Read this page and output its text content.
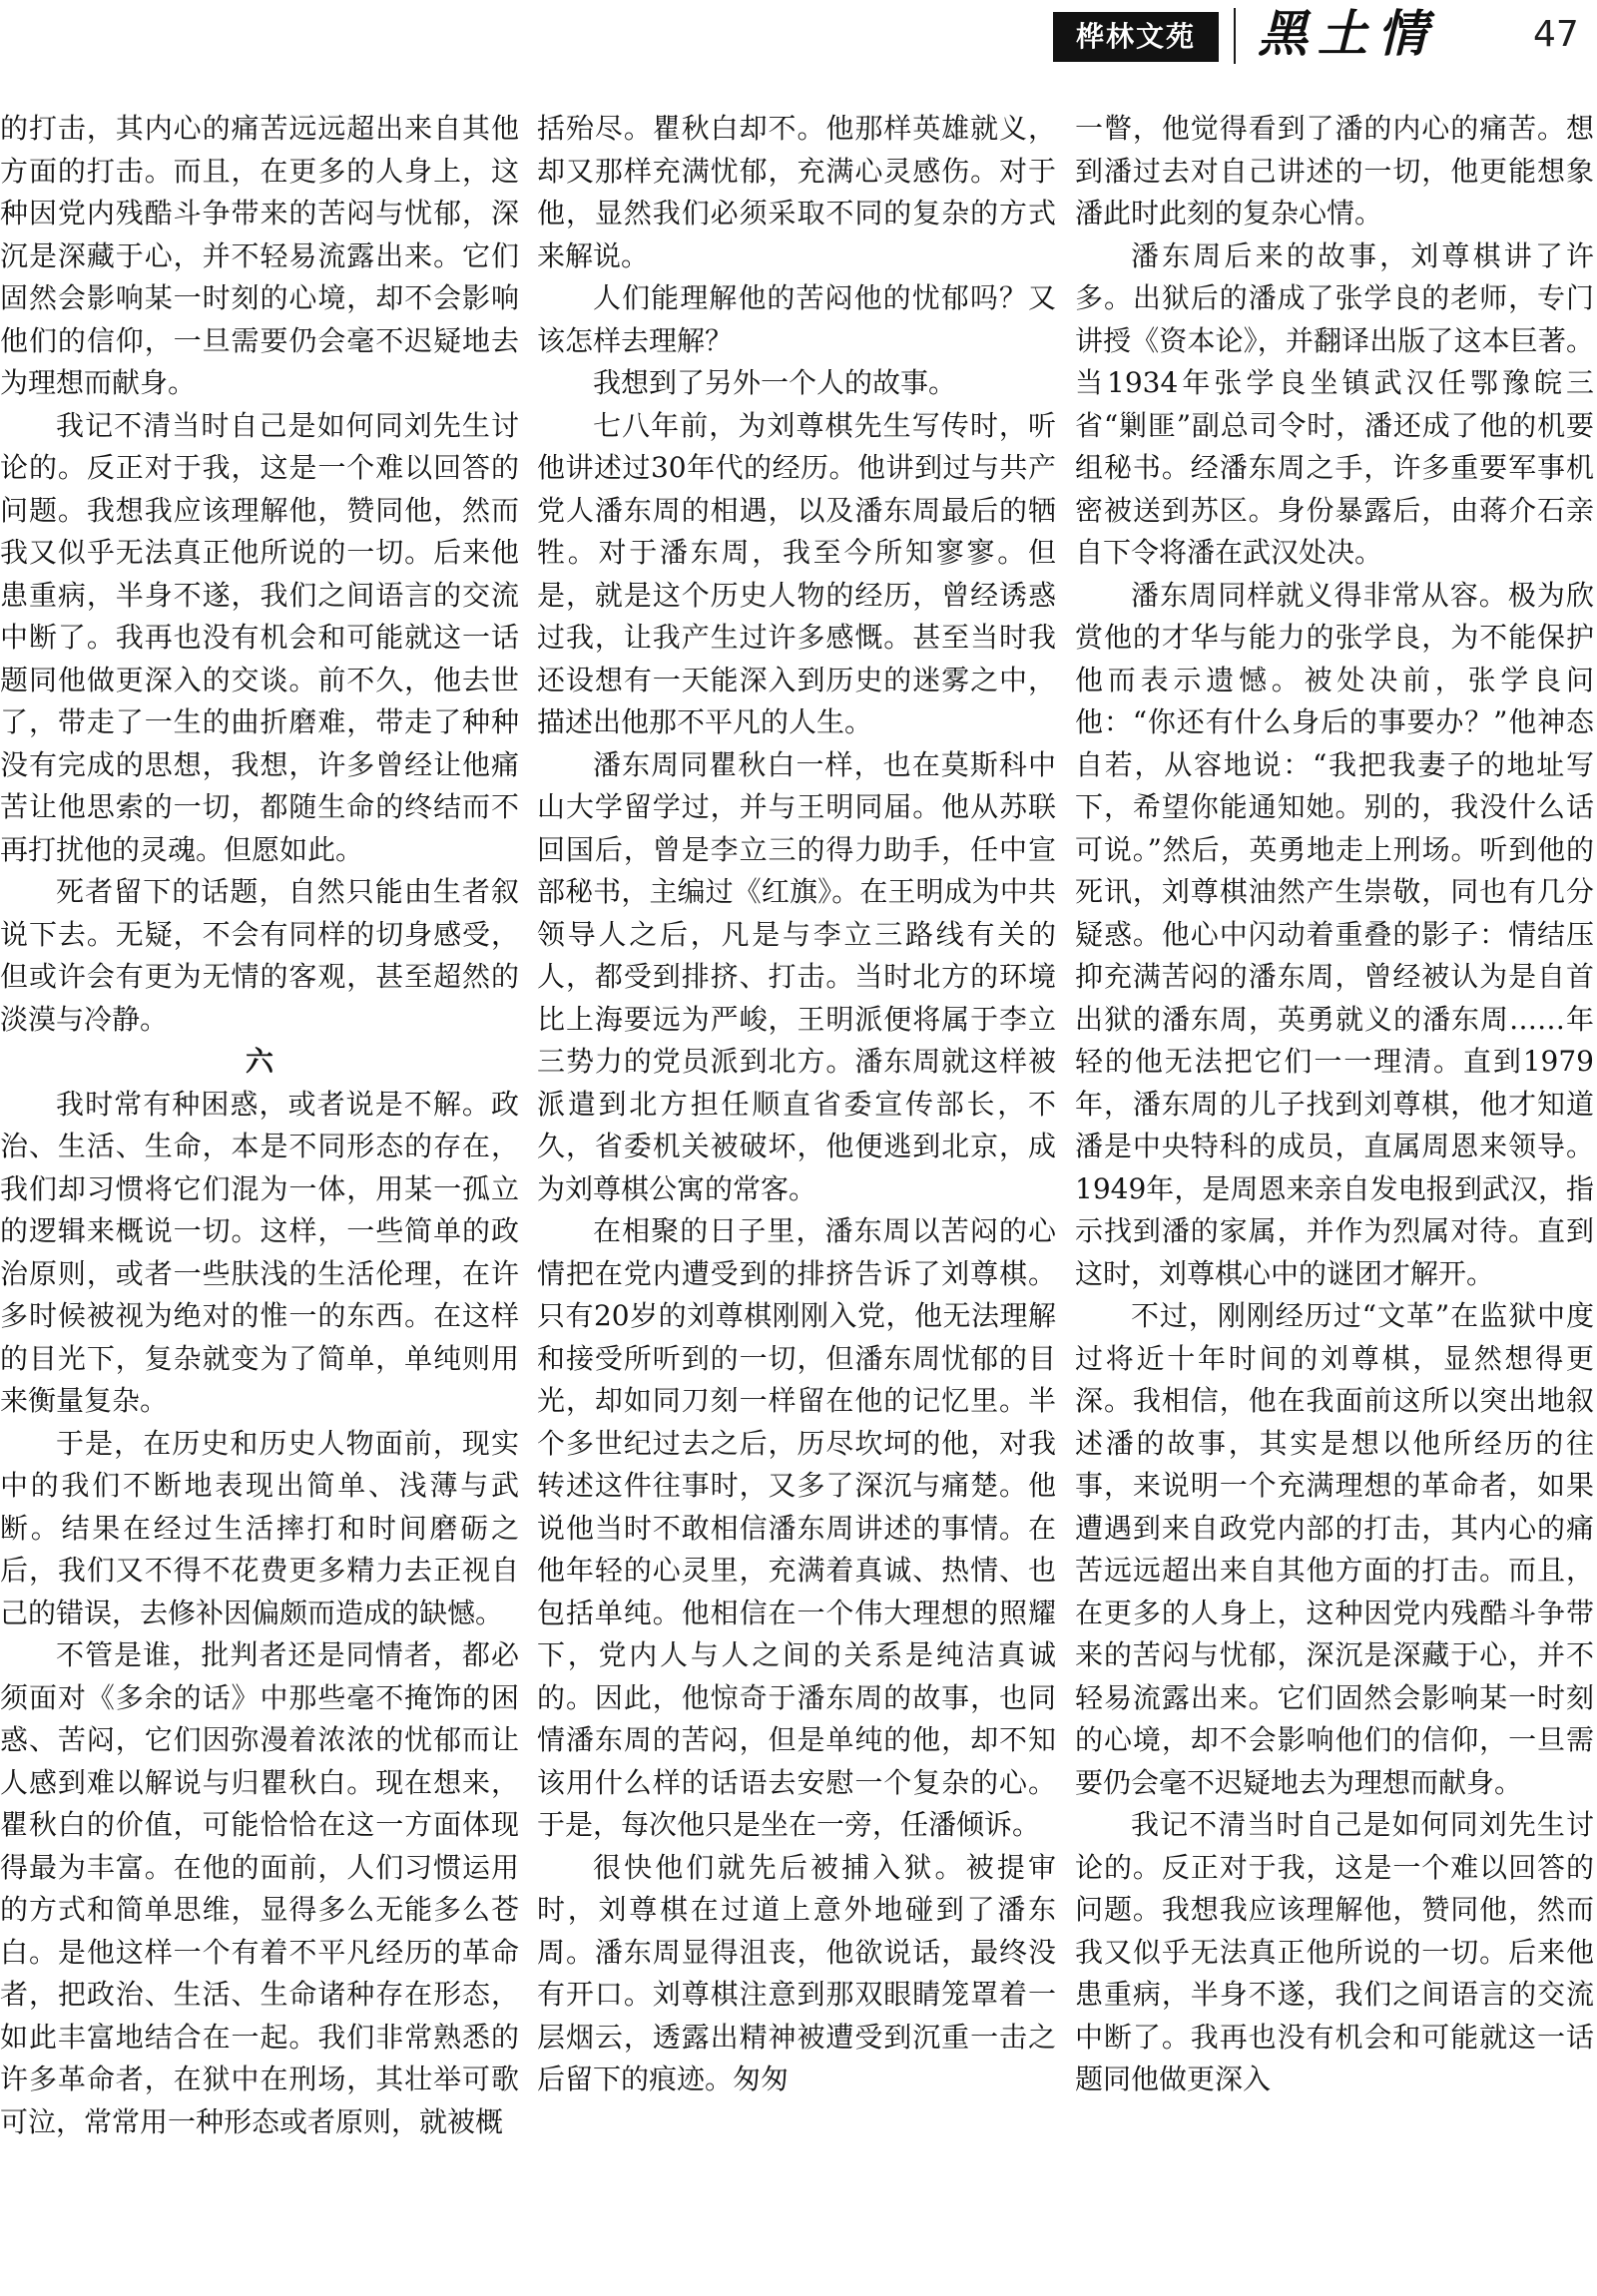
桦林文苑	黑土情	47

的打击，其内心的痛苦远远超出来自其他方面的打击。而且，在更多的人身上，这种因党内残酷斗争带来的苦闷与忧郁，深沉是深藏于心，并不轻易流露出来。它们固然会影响某一时刻的心境，却不会影响他们的信仰，一旦需要仍会毫不迟疑地去为理想而献身。

我记不清当时自己是如何同刘先生讨论的。反正对于我，这是一个难以回答的问题。我想我应该理解他，赞同他，然而我又似乎无法真正他所说的一切。后来他患重病，半身不遂，我们之间语言的交流中断了。我再也没有机会和可能就这一话题同他做更深入的交谈。前不久，他去世了，带走了一生的曲折磨难，带走了种种没有完成的思想，我想，许多曾经让他痛苦让他思索的一切，都随生命的终结而不再打扰他的灵魂。但愿如此。

死者留下的话题，自然只能由生者叙说下去。无疑，不会有同样的切身感受，但或许会有更为无情的客观，甚至超然的淡漠与冷静。

六

我时常有种困惑，或者说是不解。政治、生活、生命，本是不同形态的存在，我们却习惯将它们混为一体，用某一孤立的逻辑来概说一切。这样，一些简单的政治原则，或者一些肤浅的生活伦理，在许多时候被视为绝对的惟一的东西。在这样的目光下，复杂就变为了简单，单纯则用来衡量复杂。

于是，在历史和历史人物面前，现实中的我们不断地表现出简单、浅薄与武断。结果在经过生活摔打和时间磨砺之后，我们又不得不花费更多精力去正视自己的错误，去修补因偏颇而造成的缺憾。

不管是谁，批判者还是同情者，都必须面对《多余的话》中那些毫不掩饰的困惑、苦闷，它们因弥漫着浓浓的忧郁而让人感到难以解说与归瞿秋白。现在想来，瞿秋白的价值，可能恰恰在这一方面体现得最为丰富。在他的面前，人们习惯运用的方式和简单思维，显得多么无能多么苍白。是他这样一个有着不平凡经历的革命者，把政治、生活、生命诸种存在形态，如此丰富地结合在一起。我们非常熟悉的许多革命者，在狱中在刑场，其壮举可歌可泣，常常用一种形态或者原则，就被概

括殆尽。瞿秋白却不。他那样英雄就义，却又那样充满忧郁，充满心灵感伤。对于他，显然我们必须采取不同的复杂的方式来解说。

人们能理解他的苦闷他的忧郁吗？又该怎样去理解？

我想到了另外一个人的故事。

七八年前，为刘尊棋先生写传时，听他讲述过30年代的经历。他讲到过与共产党人潘东周的相遇，以及潘东周最后的牺牲。对于潘东周，我至今所知寥寥。但是，就是这个历史人物的经历，曾经诱惑过我，让我产生过许多感慨。甚至当时我还设想有一天能深入到历史的迷雾之中，描述出他那不平凡的人生。

潘东周同瞿秋白一样，也在莫斯科中山大学留学过，并与王明同届。他从苏联回国后，曾是李立三的得力助手，任中宣部秘书，主编过《红旗》。在王明成为中共领导人之后，凡是与李立三路线有关的人，都受到排挤、打击。当时北方的环境比上海要远为严峻，王明派便将属于李立三势力的党员派到北方。潘东周就这样被派遣到北方担任顺直省委宣传部长，不久，省委机关被破坏，他便逃到北京，成为刘尊棋公寓的常客。

在相聚的日子里，潘东周以苦闷的心情把在党内遭受到的排挤告诉了刘尊棋。只有20岁的刘尊棋刚刚入党，他无法理解和接受所听到的一切，但潘东周忧郁的目光，却如同刀刻一样留在他的记忆里。半个多世纪过去之后，历尽坎坷的他，对我转述这件往事时，又多了深沉与痛楚。他说他当时不敢相信潘东周讲述的事情。在他年轻的心灵里，充满着真诚、热情、也包括单纯。他相信在一个伟大理想的照耀下，党内人与人之间的关系是纯洁真诚的。因此，他惊奇于潘东周的故事，也同情潘东周的苦闷，但是单纯的他，却不知该用什么样的话语去安慰一个复杂的心。于是，每次他只是坐在一旁，任潘倾诉。

很快他们就先后被捕入狱。被提审时，刘尊棋在过道上意外地碰到了潘东周。潘东周显得沮丧，他欲说话，最终没有开口。刘尊棋注意到那双眼睛笼罩着一层烟云，透露出精神被遭受到沉重一击之后留下的痕迹。匆匆

一瞥，他觉得看到了潘的内心的痛苦。想到潘过去对自己讲述的一切，他更能想象潘此时此刻的复杂心情。

潘东周后来的故事，刘尊棋讲了许多。出狱后的潘成了张学良的老师，专门讲授《资本论》，并翻译出版了这本巨著。当1934年张学良坐镇武汉任鄂豫皖三省“剿匪”副总司令时，潘还成了他的机要组秘书。经潘东周之手，许多重要军事机密被送到苏区。身份暴露后，由蒋介石亲自下令将潘在武汉处决。

潘东周同样就义得非常从容。极为欣赏他的才华与能力的张学良，为不能保护他而表示遗憾。被处决前，张学良问他：“你还有什么身后的事要办？”他神态自若，从容地说：“我把我妻子的地址写下，希望你能通知她。别的，我没什么话可说。”然后，英勇地走上刑场。听到他的死讯，刘尊棋油然产生崇敬，同也有几分疑惑。他心中闪动着重叠的影子：情结压抑充满苦闷的潘东周，曾经被认为是自首出狱的潘东周，英勇就义的潘东周……年轻的他无法把它们一一理清。直到1979年，潘东周的儿子找到刘尊棋，他才知道潘是中央特科的成员，直属周恩来领导。1949年，是周恩来亲自发电报到武汉，指示找到潘的家属，并作为烈属对待。直到这时，刘尊棋心中的谜团才解开。

不过，刚刚经历过“文革”在监狱中度过将近十年时间的刘尊棋，显然想得更深。我相信，他在我面前这所以突出地叙述潘的故事，其实是想以他所经历的往事，来说明一个充满理想的革命者，如果遭遇到来自政党内部的打击，其内心的痛苦远远超出来自其他方面的打击。而且，在更多的人身上，这种因党内残酷斗争带来的苦闷与忧郁，深沉是深藏于心，并不轻易流露出来。它们固然会影响某一时刻的心境，却不会影响他们的信仰，一旦需要仍会毫不迟疑地去为理想而献身。

我记不清当时自己是如何同刘先生讨论的。反正对于我，这是一个难以回答的问题。我想我应该理解他，赞同他，然而我又似乎无法真正他所说的一切。后来他患重病，半身不遂，我们之间语言的交流中断了。我再也没有机会和可能就这一话题同他做更深入
